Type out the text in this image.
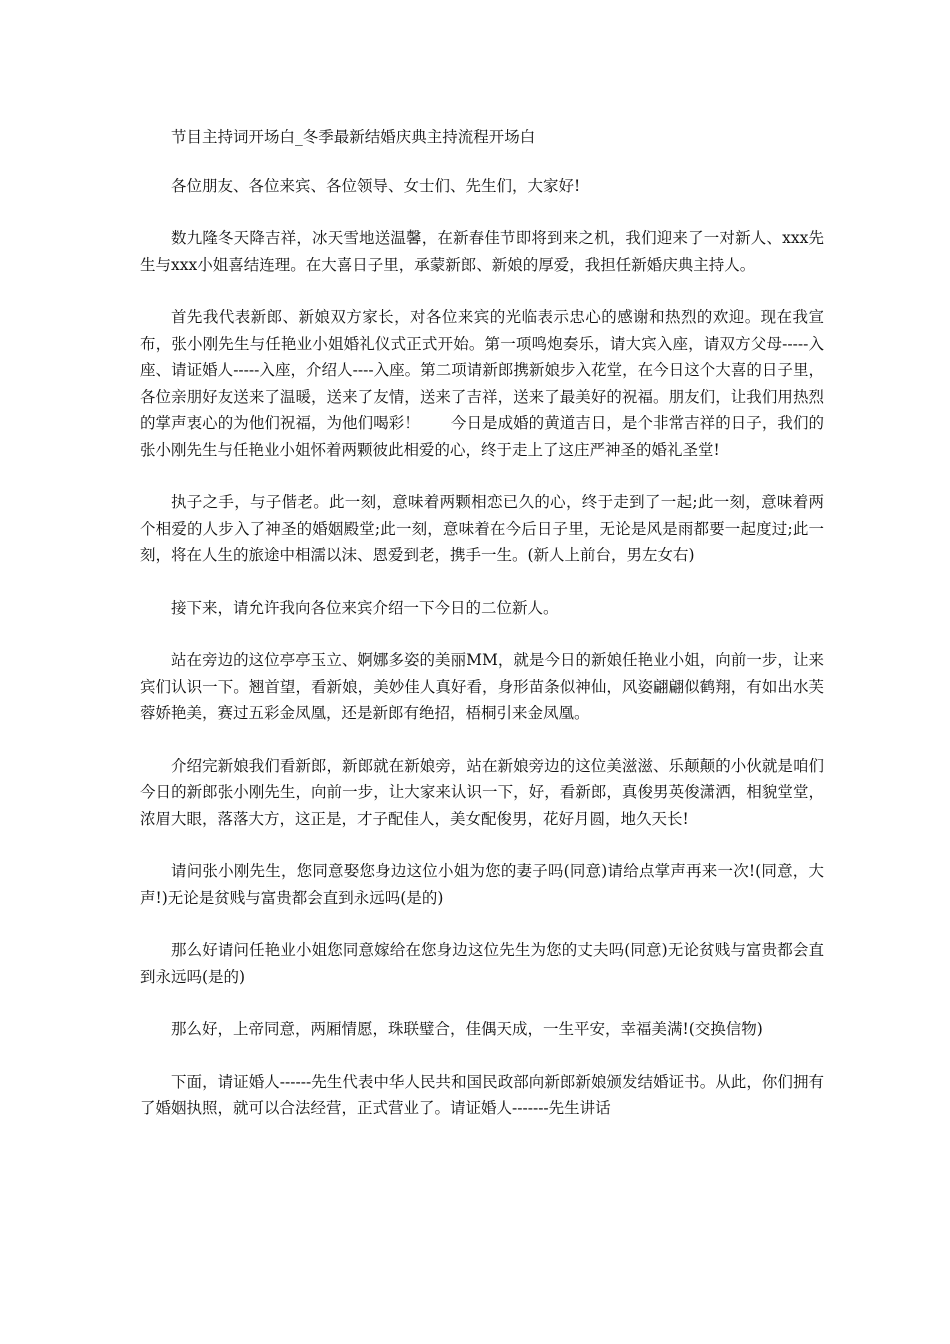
节目主持词开场白_冬季最新结婚庆典主持流程开场白

各位朋友、各位来宾、各位领导、女士们、先生们，大家好!

数九隆冬天降吉祥，冰天雪地送温馨，在新春佳节即将到来之机，我们迎来了一对新人、xxx先生与xxx小姐喜结连理。在大喜日子里，承蒙新郎、新娘的厚爱，我担任新婚庆典主持人。

首先我代表新郎、新娘双方家长，对各位来宾的光临表示忠心的感谢和热烈的欢迎。现在我宣布，张小刚先生与任艳业小姐婚礼仪式正式开始。第一项鸣炮奏乐，请大宾入座，请双方父母-----入座、请证婚人-----入座，介绍人----入座。第二项请新郎携新娘步入花堂，在今日这个大喜的日子里，各位亲朋好友送来了温暖，送来了友情，送来了吉祥，送来了最美好的祝福。朋友们，让我们用热烈的掌声衷心的为他们祝福，为他们喝彩！　　今日是成婚的黄道吉日，是个非常吉祥的日子，我们的张小刚先生与任艳业小姐怀着两颗彼此相爱的心，终于走上了这庄严神圣的婚礼圣堂!

执子之手，与子偕老。此一刻，意味着两颗相恋已久的心，终于走到了一起;此一刻，意味着两个相爱的人步入了神圣的婚姻殿堂;此一刻，意味着在今后日子里，无论是风是雨都要一起度过;此一刻，将在人生的旅途中相濡以沫、恩爱到老，携手一生。(新人上前台，男左女右)

接下来，请允许我向各位来宾介绍一下今日的二位新人。

站在旁边的这位亭亭玉立、婀娜多姿的美丽MM，就是今日的新娘任艳业小姐，向前一步，让来宾们认识一下。翘首望，看新娘，美妙佳人真好看，身形苗条似神仙，风姿翩翩似鹤翔，有如出水芙蓉娇艳美，赛过五彩金凤凰，还是新郎有绝招，梧桐引来金凤凰。

介绍完新娘我们看新郎，新郎就在新娘旁，站在新娘旁边的这位美滋滋、乐颠颠的小伙就是咱们今日的新郎张小刚先生，向前一步，让大家来认识一下，好，看新郎，真俊男英俊潇洒，相貌堂堂，浓眉大眼，落落大方，这正是，才子配佳人，美女配俊男，花好月圆，地久天长!

请问张小刚先生，您同意娶您身边这位小姐为您的妻子吗(同意)请给点掌声再来一次!(同意，大声!)无论是贫贱与富贵都会直到永远吗(是的)

那么好请问任艳业小姐您同意嫁给在您身边这位先生为您的丈夫吗(同意)无论贫贱与富贵都会直到永远吗(是的)

那么好，上帝同意，两厢情愿，珠联璧合，佳偶天成，一生平安，幸福美满!(交换信物)

下面，请证婚人------先生代表中华人民共和国民政部向新郎新娘颁发结婚证书。从此，你们拥有了婚姻执照，就可以合法经营，正式营业了。请证婚人-------先生讲话
